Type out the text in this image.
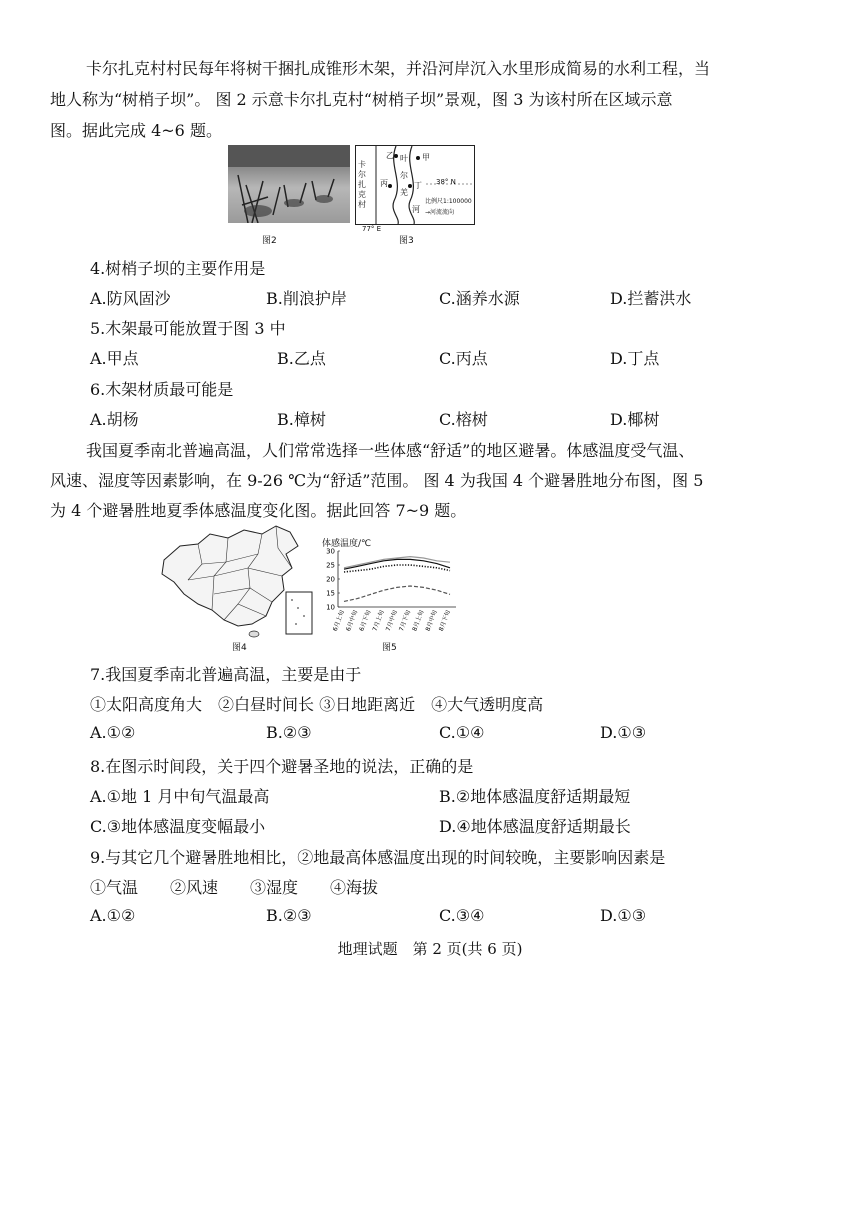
卡尔扎克村村民每年将树干捆扎成锥形木架，并沿河岸沉入水里形成简易的水利工程，当
地人称为“树梢子坝”。 图 2 示意卡尔扎克村“树梢子坝”景观，图 3 为该村所在区域示意
图。据此完成 4~6 题。
图2
卡
尔
扎
克
村
叶
尔
羌
河
乙	甲
丙	丁 38° N
比例尺1:100000
→河流流向
77° E
图3
4.树梢子坝的主要作用是
A.防风固沙	B.削浪护岸	C.涵养水源	D.拦蓄洪水
5.木架最可能放置于图 3 中
A.甲点	B.乙点	C.丙点	D.丁点
6.木架材质最可能是
A.胡杨	B.樟树	C.榕树	D.椰树
我国夏季南北普遍高温，人们常常选择一些体感“舒适”的地区避暑。体感温度受气温、
风速、湿度等因素影响，在 9-26 ℃为“舒适”范围。 图 4 为我国 4 个避暑胜地分布图，图 5
为 4 个避暑胜地夏季体感温度变化图。据此回答 7~9 题。
图4
体感温度/℃
30
25
20
15
10
6月上旬 6月中旬 6月下旬 7月上旬 7月中旬 7月下旬 8月上旬 8月中旬 8月下旬
图5
7.我国夏季南北普遍高温，主要是由于
①太阳高度角大　②白昼时间长 ③日地距离近　④大气透明度高
A.①②	B.②③	C.①④	D.①③
8.在图示时间段，关于四个避暑圣地的说法，正确的是
A.①地 1 月中旬气温最高	B.②地体感温度舒适期最短
C.③地体感温度变幅最小	D.④地体感温度舒适期最长
9.与其它几个避暑胜地相比，②地最高体感温度出现的时间较晚，主要影响因素是
①气温　　②风速　　③湿度　　④海拔
A.①②	B.②③	C.③④	D.①③
地理试题　第 2 页(共 6 页)
